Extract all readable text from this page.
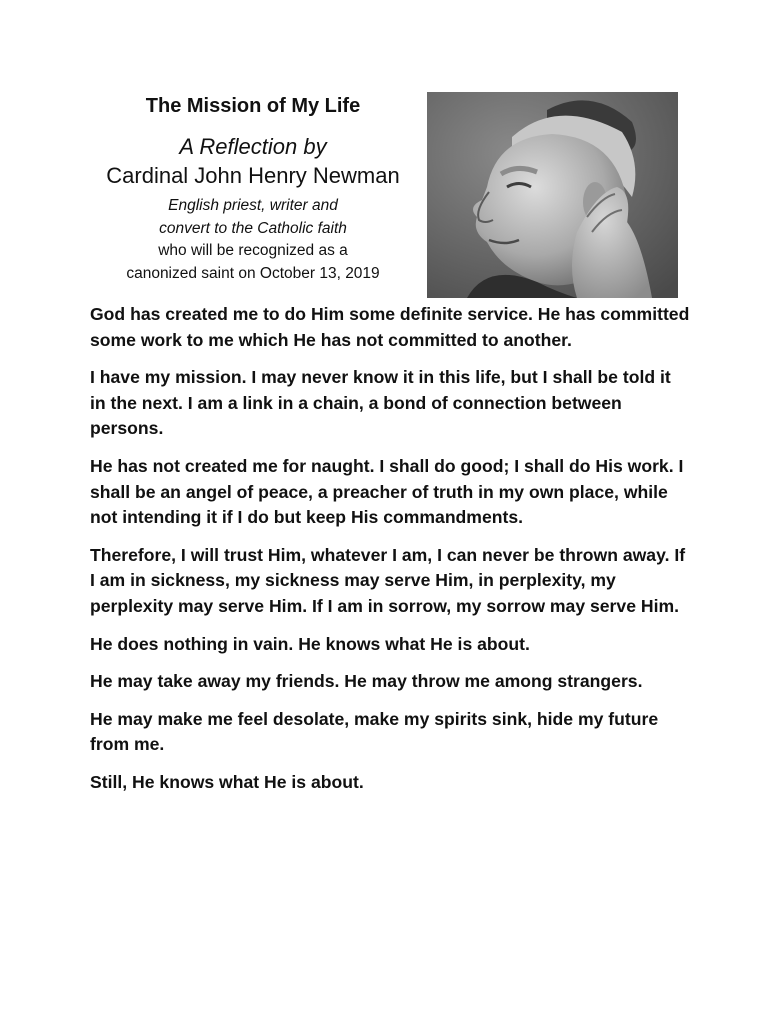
The Mission of My Life
A Reflection by
Cardinal John Henry Newman
English priest, writer and
convert to the Catholic faith
who will be recognized as a
canonized saint on October 13, 2019

God has created me to do Him some definite service. He has committed some work to me which He has not committed to another.

I have my mission. I may never know it in this life, but I shall be told it in the next. I am a link in a chain, a bond of connection between persons.

He has not created me for naught. I shall do good; I shall do His work. I shall be an angel of peace, a preacher of truth in my own place, while not intending it if I do but keep His commandments.

Therefore, I will trust Him, whatever I am, I can never be thrown away. If I am in sickness, my sickness may serve Him, in perplexity, my perplexity may serve Him. If I am in sorrow, my sorrow may serve Him.

He does nothing in vain. He knows what He is about.

He may take away my friends. He may throw me among strangers.

He may make me feel desolate, make my spirits sink, hide my future from me.

Still, He knows what He is about.
